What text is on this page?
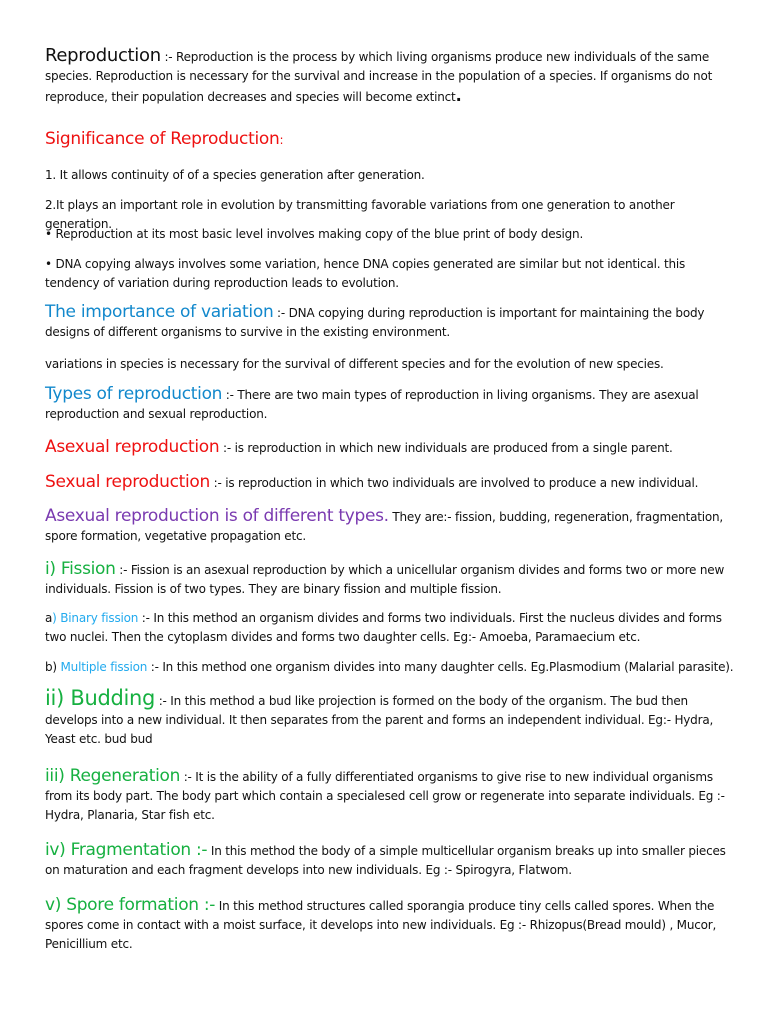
Reproduction :- Reproduction is the process by which living organisms produce new individuals of the same species. Reproduction is necessary for the survival and increase in the population of a species. If organisms do not reproduce, their population decreases and species will become extinct.

Significance of Reproduction:

1. It allows continuity of of a species generation after generation.

2.It plays an important role in evolution by transmitting favorable variations from one generation to another generation.

• Reproduction at its most basic level involves making copy of the blue print of body design.

• DNA copying always involves some variation, hence DNA copies generated are similar but not identical. this tendency of variation during reproduction leads to evolution.

The importance of variation :- DNA copying during reproduction is important for maintaining the body designs of different organisms to survive in the existing environment.

variations in species is necessary for the survival of different species and for the evolution of new species.

Types of reproduction :- There are two main types of reproduction in living organisms. They are asexual reproduction and sexual reproduction.

Asexual reproduction :- is reproduction in which new individuals are produced from a single parent.

Sexual reproduction :- is reproduction in which two individuals are involved to produce a new individual.

Asexual reproduction is of different types. They are:- fission, budding, regeneration, fragmentation, spore formation, vegetative propagation etc.

i) Fission :- Fission is an asexual reproduction by which a unicellular organism divides and forms two or more new individuals. Fission is of two types. They are binary fission and multiple fission.

a) Binary fission :- In this method an organism divides and forms two individuals. First the nucleus divides and forms two nuclei. Then the cytoplasm divides and forms two daughter cells. Eg:- Amoeba, Paramaecium etc.

b) Multiple fission :- In this method one organism divides into many daughter cells. Eg.Plasmodium (Malarial parasite).

ii) Budding :- In this method a bud like projection is formed on the body of the organism. The bud then develops into a new individual. It then separates from the parent and forms an independent individual. Eg:- Hydra, Yeast etc. bud bud

iii) Regeneration :- It is the ability of a fully differentiated organisms to give rise to new individual organisms from its body part. The body part which contain a specialesed cell grow or regenerate into separate individuals. Eg :- Hydra, Planaria, Star fish etc.

iv) Fragmentation :- In this method the body of a simple multicellular organism breaks up into smaller pieces on maturation and each fragment develops into new individuals. Eg :- Spirogyra, Flatwom.

v) Spore formation :- In this method structures called sporangia produce tiny cells called spores. When the spores come in contact with a moist surface, it develops into new individuals. Eg :- Rhizopus(Bread mould) , Mucor, Penicillium etc.
